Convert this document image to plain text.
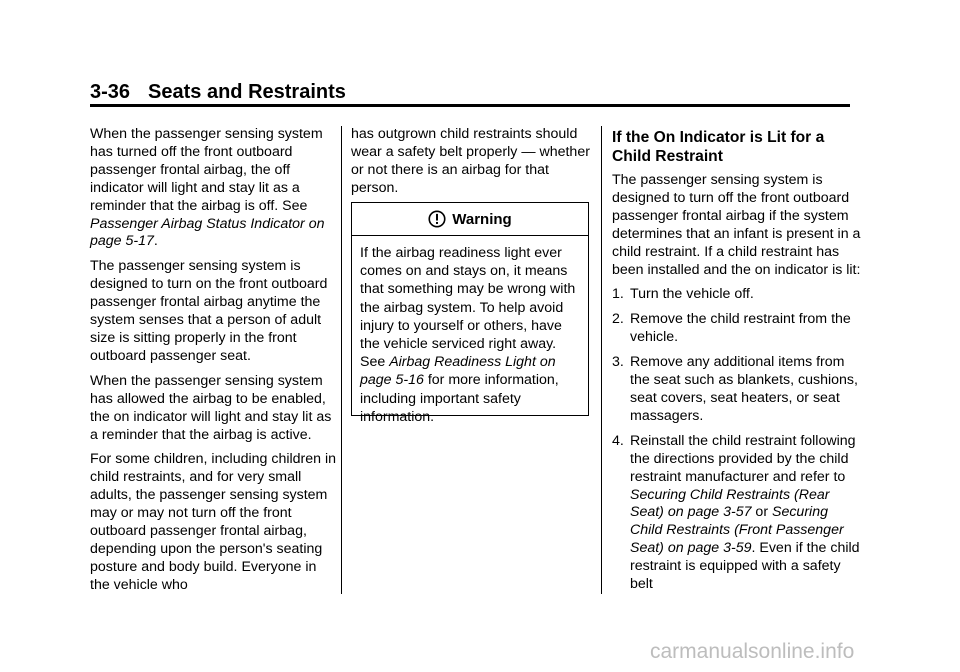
3-36 Seats and Restraints

When the passenger sensing system has turned off the front outboard passenger frontal airbag, the off indicator will light and stay lit as a reminder that the airbag is off. See Passenger Airbag Status Indicator on page 5-17.

The passenger sensing system is designed to turn on the front outboard passenger frontal airbag anytime the system senses that a person of adult size is sitting properly in the front outboard passenger seat.

When the passenger sensing system has allowed the airbag to be enabled, the on indicator will light and stay lit as a reminder that the airbag is active.

For some children, including children in child restraints, and for very small adults, the passenger sensing system may or may not turn off the front outboard passenger frontal airbag, depending upon the person's seating posture and body build. Everyone in the vehicle who

has outgrown child restraints should wear a safety belt properly — whether or not there is an airbag for that person.

Warning
If the airbag readiness light ever comes on and stays on, it means that something may be wrong with the airbag system. To help avoid injury to yourself or others, have the vehicle serviced right away. See Airbag Readiness Light on page 5-16 for more information, including important safety information.
If the On Indicator is Lit for a Child Restraint

The passenger sensing system is designed to turn off the front outboard passenger frontal airbag if the system determines that an infant is present in a child restraint. If a child restraint has been installed and the on indicator is lit:

1. Turn the vehicle off.
2. Remove the child restraint from the vehicle.
3. Remove any additional items from the seat such as blankets, cushions, seat covers, seat heaters, or seat massagers.
4. Reinstall the child restraint following the directions provided by the child restraint manufacturer and refer to Securing Child Restraints (Rear Seat) on page 3-57 or Securing Child Restraints (Front Passenger Seat) on page 3-59. Even if the child restraint is equipped with a safety belt
carmanualsonline.info
